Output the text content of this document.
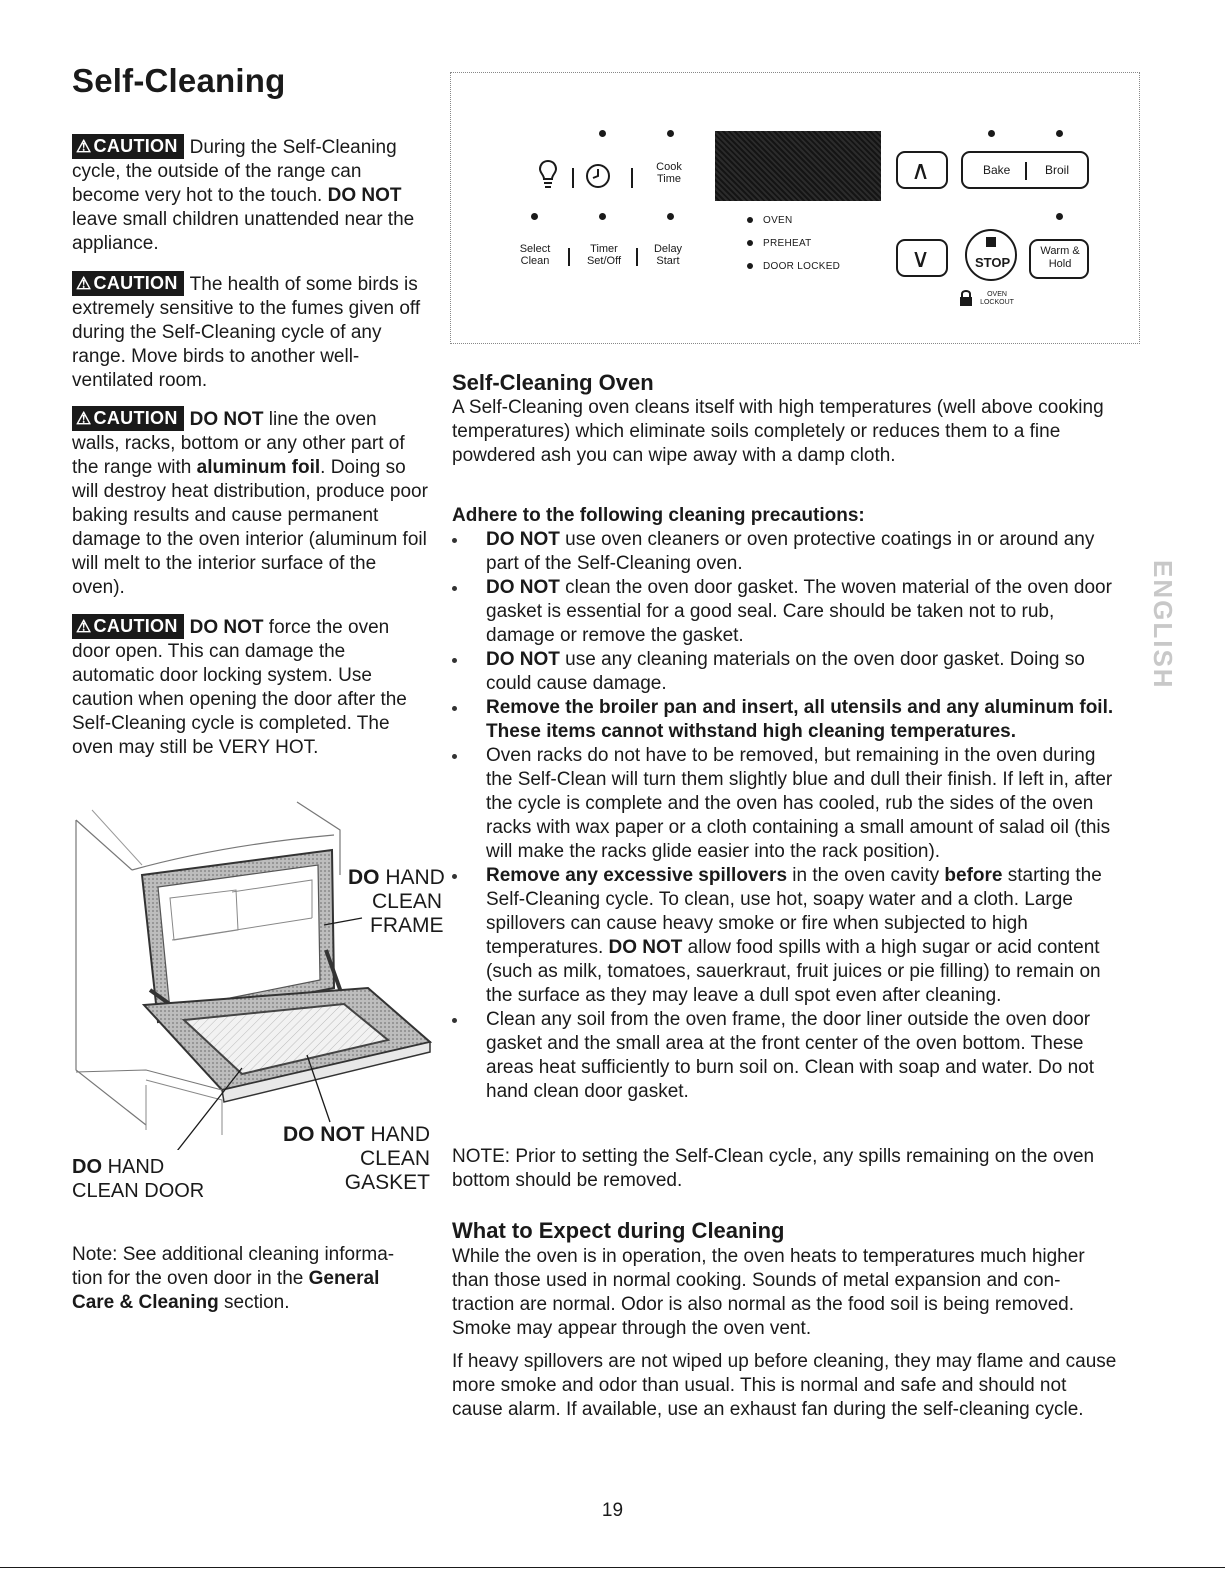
Self-Cleaning

⚠ CAUTION During the Self-Cleaning cycle, the outside of the range can become very hot to the touch. DO NOT leave small children unattended near the appliance.

⚠ CAUTION The health of some birds is extremely sensitive to the fumes given off during the Self-Cleaning cycle of any range. Move birds to another well-ventilated room.

⚠ CAUTION DO NOT line the oven walls, racks, bottom or any other part of the range with aluminum foil. Doing so will destroy heat distribution, produce poor baking results and cause permanent damage to the oven interior (aluminum foil will melt to the interior surface of the oven).

⚠ CAUTION DO NOT force the oven door open. This can damage the automatic door locking system. Use caution when opening the door after the Self-Cleaning cycle is completed. The oven may still be VERY HOT.

DO HAND
CLEAN
FRAME
DO NOT HAND
CLEAN GASKET
DO HAND
CLEAN DOOR

Note: See additional cleaning informa-tion for the oven door in the General Care & Cleaning section.

Cook
Time	∧	Bake	Broil
Select
Clean
Timer
Set/Off
Delay
Start
OVEN
PREHEAT
DOOR LOCKED	∨	STOP
Warm &
Hold
OVEN
LOCKOUT
Self-Cleaning Oven

A Self-Cleaning oven cleans itself with high temperatures (well above cooking temperatures) which eliminate soils completely or reduces them to a fine powdered ash you can wipe away with a damp cloth.

Adhere to the following cleaning precautions:

DO NOT use oven cleaners or oven protective coatings in or around any part of the Self-Cleaning oven.
DO NOT clean the oven door gasket. The woven material of the oven door gasket is essential for a good seal. Care should be taken not to rub, damage or remove the gasket.
DO NOT use any cleaning materials on the oven door gasket. Doing so could cause damage.
Remove the broiler pan and insert, all utensils and any aluminum foil. These items cannot withstand high cleaning temperatures.
Oven racks do not have to be removed, but remaining in the oven during the Self-Clean will turn them slightly blue and dull their finish. If left in, after the cycle is complete and the oven has cooled, rub the sides of the oven racks with wax paper or a cloth containing a small amount of salad oil (this will make the racks glide easier into the rack position).
Remove any excessive spillovers in the oven cavity before starting the Self-Cleaning cycle. To clean, use hot, soapy water and a cloth. Large spillovers can cause heavy smoke or fire when subjected to high temperatures. DO NOT allow food spills with a high sugar or acid content (such as milk, tomatoes, sauerkraut, fruit juices or pie filling) to remain on the surface as they may leave a dull spot even after cleaning.
Clean any soil from the oven frame, the door liner outside the oven door gasket and the small area at the front center of the oven bottom. These areas heat sufficiently to burn soil on. Clean with soap and water. Do not hand clean door gasket.

NOTE: Prior to setting the Self-Clean cycle, any spills remaining on the oven bottom should be removed.

What to Expect during Cleaning

While the oven is in operation, the oven heats to temperatures much higher than those used in normal cooking. Sounds of metal expansion and con-traction are normal. Odor is also normal as the food soil is being removed. Smoke may appear through the oven vent.

If heavy spillovers are not wiped up before cleaning, they may flame and cause more smoke and odor than usual. This is normal and safe and should not cause alarm. If available, use an exhaust fan during the self-cleaning cycle.

ENGLISH
19
